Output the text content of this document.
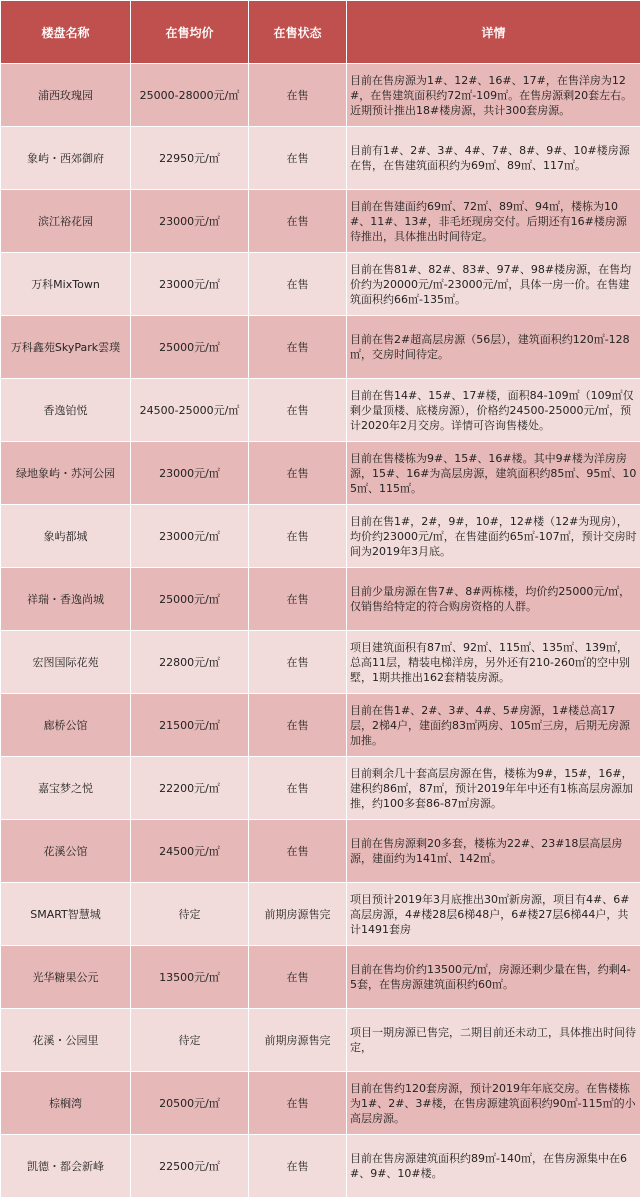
楼盘名称	在售均价	在售状态	详情
浦西玫瑰园	25000-28000元/㎡	在售	目前在售房源为1#、12#、16#、17#，在售洋房为12#，在售建筑面积约72㎡-109㎡。在售房源剩20套左右。近期预计推出18#楼房源，共计300套房源。
象屿・西郊御府	22950元/㎡	在售	目前有1#、2#、3#、4#、7#、8#、9#、10#楼房源在售，在售建筑面积约为69㎡、89㎡、117㎡。
滨江裕花园	23000元/㎡	在售	目前在售建面约69㎡、72㎡、89㎡、94㎡，楼栋为10#、11#、13#，非毛坯现房交付。后期还有16#楼房源待推出，具体推出时间待定。
万科MixTown	23000元/㎡	在售	目前在售81#、82#、83#、97#、98#楼房源，在售均价约为20000元/㎡-23000元/㎡，具体一房一价。在售建筑面积约66㎡-135㎡。
万科鑫苑SkyPark雲璞	25000元/㎡	在售	目前在售2#超高层房源（56层），建筑面积约120㎡-128㎡，交房时间待定。
香逸铂悦	24500-25000元/㎡	在售	目前在售14#、15#、17#楼，面积84-109㎡（109㎡仅剩少量顶楼、底楼房源），价格约24500-25000元/㎡，预计2020年2月交房。详情可咨询售楼处。
绿地象屿・苏河公园	23000元/㎡	在售	目前在售楼栋为9#、15#、16#楼。其中9#楼为洋房房源，15#、16#为高层房源，建筑面积约85㎡、95㎡、105㎡、115㎡。
象屿都城	23000元/㎡	在售	目前在售1#，2#，9#，10#，12#楼（12#为现房），均价约23000元/㎡，在售建面约65㎡-107㎡，预计交房时间为2019年3月底。
祥瑞・香逸尚城	25000元/㎡	在售	目前少量房源在售7#、8#两栋楼，均价约25000元/㎡，仅销售给特定的符合购房资格的人群。
宏图国际花苑	22800元/㎡	在售	项目建筑面积有87㎡、92㎡、115㎡、135㎡、139㎡，总高11层，精装电梯洋房，另外还有210-260㎡的空中别墅，1期共推出162套精装房源。
廊桥公馆	21500元/㎡	在售	目前在售1#、2#、3#、4#、5#房源，1#楼总高17层，2梯4户，建面约83㎡两房、105㎡三房，后期无房源加推。
嘉宝梦之悦	22200元/㎡	在售	目前剩余几十套高层房源在售，楼栋为9#，15#，16#，建积约86㎡，87㎡，预计2019年年中还有1栋高层房源加推，约100多套86-87㎡房源。
花溪公馆	24500元/㎡	在售	目前在售房源剩20多套，楼栋为22#、23#18层高层房源，建面约为141㎡、142㎡。
SMART智慧城	待定	前期房源售完	项目预计2019年3月底推出30㎡新房源，项目有4#、6#高层房源，4#楼28层6梯48户，6#楼27层6梯44户，共计1491套房
光华糖果公元	13500元/㎡	在售	目前在售均价约13500元/㎡，房源还剩少量在售，约剩4-5套，在售房源建筑面积约60㎡。
花溪・公园里	待定	前期房源售完	项目一期房源已售完，二期目前还未动工，具体推出时间待定，
棕榈湾	20500元/㎡	在售	目前在售约120套房源，预计2019年年底交房。在售楼栋为1#、2#、3#楼，在售房源建筑面积约90㎡-115㎡的小高层房源。
凯德・都会新峰	22500元/㎡	在售	目前在售房源建筑面积约89㎡-140㎡，在售房源集中在6#、9#、10#楼。
